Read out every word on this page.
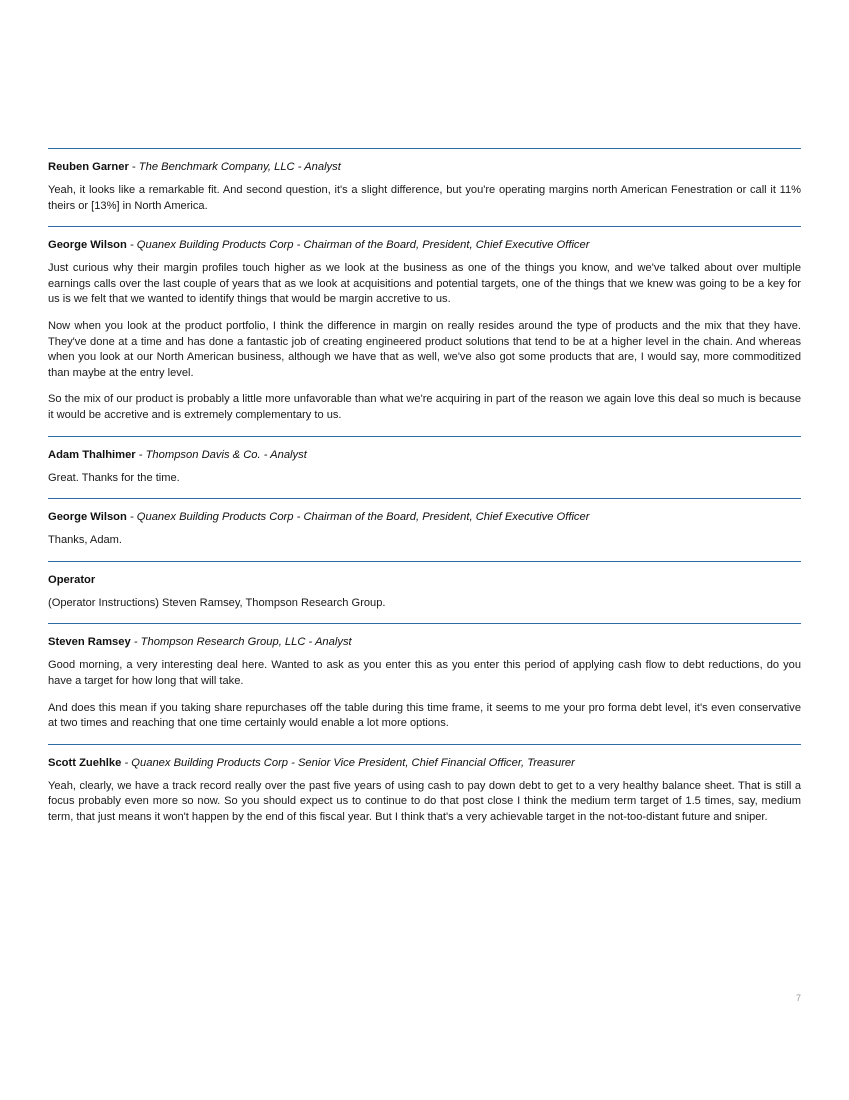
Reuben Garner - The Benchmark Company, LLC - Analyst

Yeah, it looks like a remarkable fit. And second question, it's a slight difference, but you're operating margins north American Fenestration or call it 11% theirs or [13%] in North America.

George Wilson - Quanex Building Products Corp - Chairman of the Board, President, Chief Executive Officer

Just curious why their margin profiles touch higher as we look at the business as one of the things you know, and we've talked about over multiple earnings calls over the last couple of years that as we look at acquisitions and potential targets, one of the things that we knew was going to be a key for us is we felt that we wanted to identify things that would be margin accretive to us.

Now when you look at the product portfolio, I think the difference in margin on really resides around the type of products and the mix that they have. They've done at a time and has done a fantastic job of creating engineered product solutions that tend to be at a higher level in the chain. And whereas when you look at our North American business, although we have that as well, we've also got some products that are, I would say, more commoditized than maybe at the entry level.

So the mix of our product is probably a little more unfavorable than what we're acquiring in part of the reason we again love this deal so much is because it would be accretive and is extremely complementary to us.

Adam Thalhimer - Thompson Davis & Co. - Analyst

Great. Thanks for the time.

George Wilson - Quanex Building Products Corp - Chairman of the Board, President, Chief Executive Officer

Thanks, Adam.

Operator

(Operator Instructions) Steven Ramsey, Thompson Research Group.

Steven Ramsey - Thompson Research Group, LLC - Analyst

Good morning, a very interesting deal here. Wanted to ask as you enter this as you enter this period of applying cash flow to debt reductions, do you have a target for how long that will take.

And does this mean if you taking share repurchases off the table during this time frame, it seems to me your pro forma debt level, it's even conservative at two times and reaching that one time certainly would enable a lot more options.

Scott Zuehlke - Quanex Building Products Corp - Senior Vice President, Chief Financial Officer, Treasurer

Yeah, clearly, we have a track record really over the past five years of using cash to pay down debt to get to a very healthy balance sheet. That is still a focus probably even more so now. So you should expect us to continue to do that post close I think the medium term target of 1.5 times, say, medium term, that just means it won't happen by the end of this fiscal year. But I think that's a very achievable target in the not-too-distant future and sniper.

7
